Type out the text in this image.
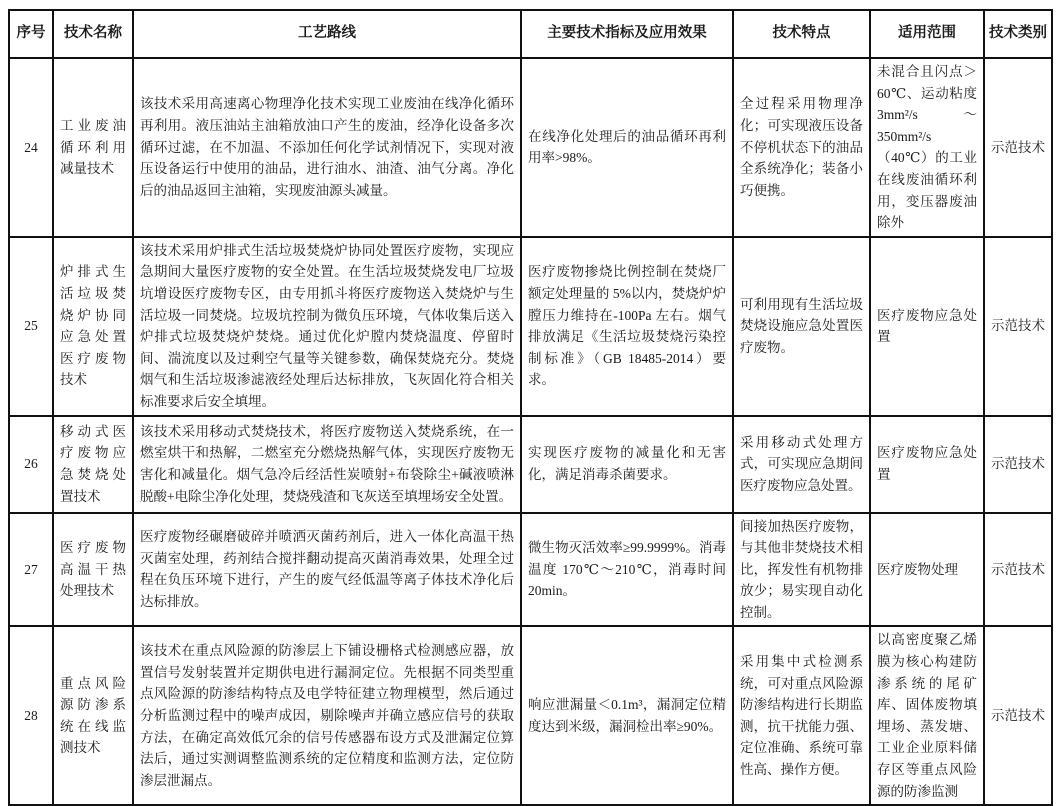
序号	技术名称	工艺路线	主要技术指标及应用效果	技术特点	适用范围	技术类别
24	工业废油循环利用减量技术	该技术采用高速离心物理净化技术实现工业废油在线净化循环再利用。液压油站主油箱放油口产生的废油，经净化设备多次循环过滤，在不加温、不添加任何化学试剂情况下，实现对液压设备运行中使用的油品，进行油水、油渣、油气分离。净化后的油品返回主油箱，实现废油源头减量。	在线净化处理后的油品循环再利用率>98%。	全过程采用物理净化；可实现液压设备不停机状态下的油品全系统净化；装备小巧便携。	未混合且闪点＞60℃、运动粘度3mm²/s～350mm²/s（40℃）的工业在线废油循环利用，变压器废油除外	示范技术
25	炉排式生活垃圾焚烧炉协同应急处置医疗废物技术	该技术采用炉排式生活垃圾焚烧炉协同处置医疗废物，实现应急期间大量医疗废物的安全处置。在生活垃圾焚烧发电厂垃圾坑增设医疗废物专区，由专用抓斗将医疗废物送入焚烧炉与生活垃圾一同焚烧。垃圾坑控制为微负压环境，气体收集后送入炉排式垃圾焚烧炉焚烧。通过优化炉膛内焚烧温度、停留时间、湍流度以及过剩空气量等关键参数，确保焚烧充分。焚烧烟气和生活垃圾渗滤液经处理后达标排放，飞灰固化符合相关标准要求后安全填埋。	医疗废物掺烧比例控制在焚烧厂额定处理量的 5%以内，焚烧炉炉膛压力维持在-100Pa 左右。烟气排放满足《生活垃圾焚烧污染控制标准》（GB 18485-2014）要求。	可利用现有生活垃圾焚烧设施应急处置医疗废物。	医疗废物应急处置	示范技术
26	移动式医疗废物应急焚烧处置技术	该技术采用移动式焚烧技术，将医疗废物送入焚烧系统，在一燃室烘干和热解，二燃室充分燃烧热解气体，实现医疗废物无害化和减量化。烟气急冷后经活性炭喷射+布袋除尘+碱液喷淋脱酸+电除尘净化处理，焚烧残渣和飞灰送至填埋场安全处置。	实现医疗废物的减量化和无害化，满足消毒杀菌要求。	采用移动式处理方式，可实现应急期间医疗废物应急处置。	医疗废物应急处置	示范技术
27	医疗废物高温干热处理技术	医疗废物经碾磨破碎并喷洒灭菌药剂后，进入一体化高温干热灭菌室处理，药剂结合搅拌翻动提高灭菌消毒效果，处理全过程在负压环境下进行，产生的废气经低温等离子体技术净化后达标排放。	微生物灭活效率≥99.9999%。消毒温度 170℃～210℃，消毒时间 20min。	间接加热医疗废物，与其他非焚烧技术相比，挥发性有机物排放少；易实现自动化控制。	医疗废物处理	示范技术
28	重点风险源防渗系统在线监测技术	该技术在重点风险源的防渗层上下铺设栅格式检测感应器，放置信号发射装置并定期供电进行漏洞定位。先根据不同类型重点风险源的防渗结构特点及电学特征建立物理模型，然后通过分析监测过程中的噪声成因，剔除噪声并确立感应信号的获取方法，在确定高效低冗余的信号传感器布设方式及泄漏定位算法后，通过实测调整监测系统的定位精度和监测方法，定位防渗层泄漏点。	响应泄漏量＜0.1m³，漏洞定位精度达到米级，漏洞检出率≥90%。	采用集中式检测系统，可对重点风险源防渗结构进行长期监测，抗干扰能力强、定位准确、系统可靠性高、操作方便。	以高密度聚乙烯膜为核心构建防渗系统的尾矿库、固体废物填埋场、蒸发塘、工业企业原料储存区等重点风险源的防渗监测	示范技术
